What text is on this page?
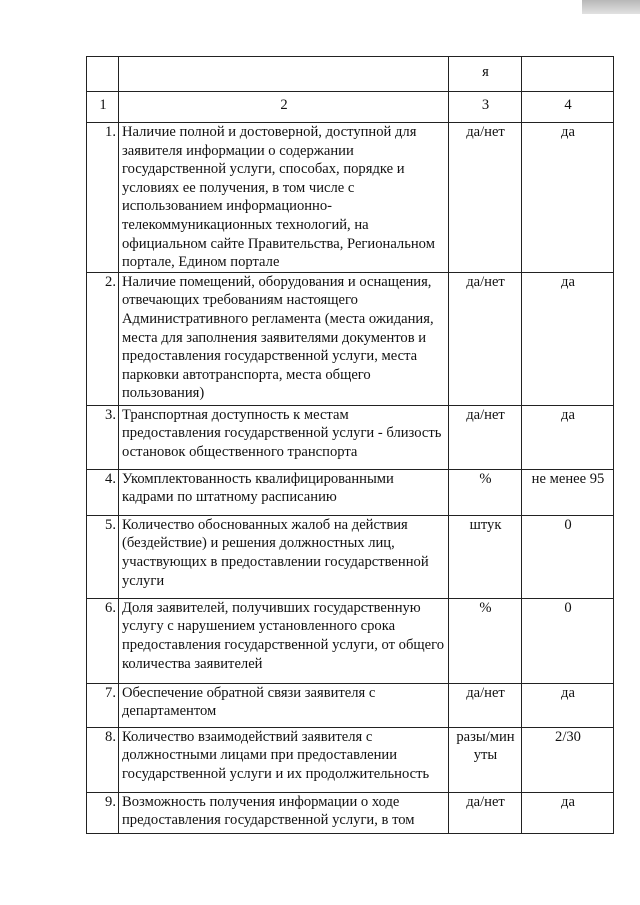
		я	
1	2	3	4
1.	Наличие полной и достоверной, доступной для заявителя информации о содержании государственной услуги, способах, порядке и условиях ее получения, в том числе с использованием информационно-телекоммуникационных технологий, на официальном сайте Правительства, Региональном портале, Едином портале	да/нет	да
2.	Наличие помещений, оборудования и оснащения, отвечающих требованиям настоящего Административного регламента (места ожидания, места для заполнения заявителями документов и предоставления государственной услуги, места парковки автотранспорта, места общего пользования)	да/нет	да
3.	Транспортная доступность к местам предоставления государственной услуги - близость остановок общественного транспорта	да/нет	да
4.	Укомплектованность квалифицированными кадрами по штатному расписанию	%	не менее 95
5.	Количество обоснованных жалоб на действия (бездействие) и решения должностных лиц, участвующих в предоставлении государственной услуги	штук	0
6.	Доля заявителей, получивших государственную услугу с нарушением установленного срока предоставления государственной услуги, от общего количества заявителей	%	0
7.	Обеспечение обратной связи заявителя с департаментом	да/нет	да
8.	Количество взаимодействий заявителя с должностными лицами при предоставлении государственной услуги и их продолжительность	разы/мин уты	2/30
9.	Возможность получения информации о ходе предоставления государственной услуги, в том	да/нет	да
